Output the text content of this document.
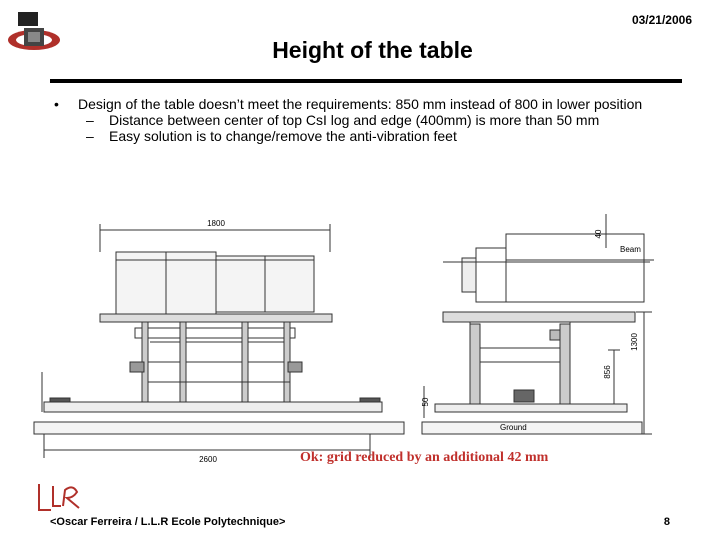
03/21/2006
Height of the table
• Design of the table doesn’t meet the requirements: 850 mm instead of 800 in lower position
– Distance between center of top CsI log and edge (400mm) is more than 50 mm
– Easy solution is to change/remove the anti-vibration feet
1800
2600
40
1300
856
50
Beam
Ground
Ok: grid reduced by an additional 42 mm
<Oscar Ferreira / L.L.R Ecole Polytechnique>	8
